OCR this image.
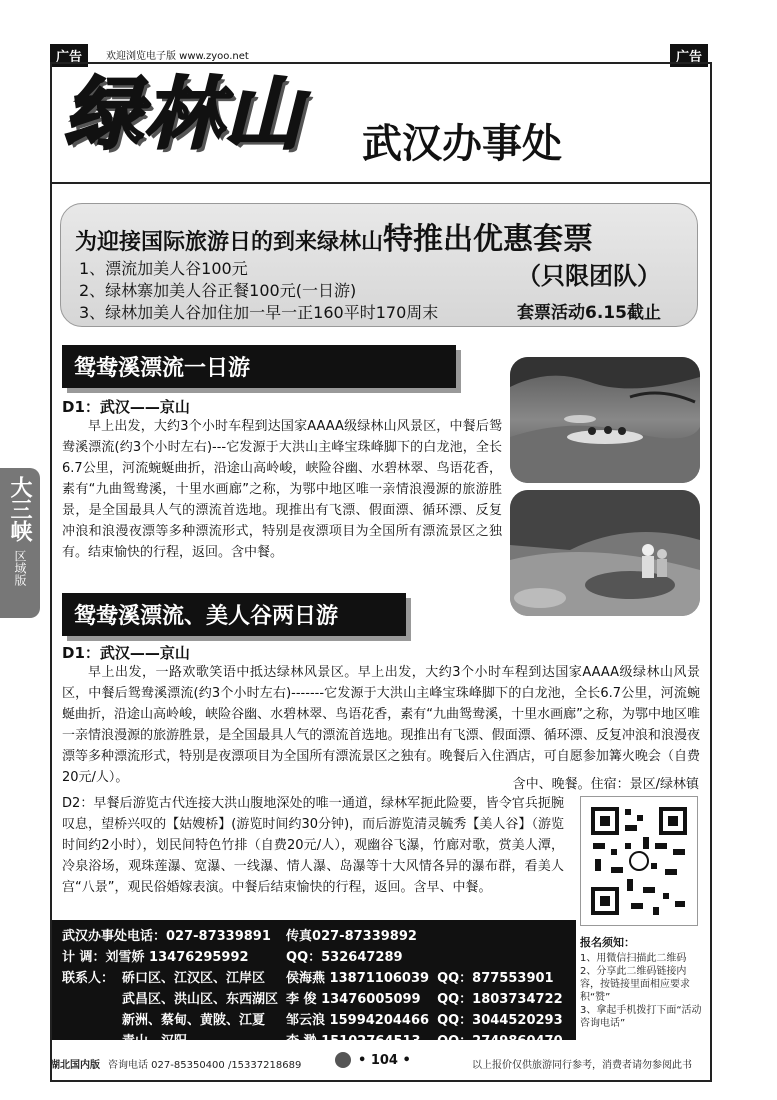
广告	欢迎浏览电子版 www.zyoo.net	广告
绿林山 武汉办事处
为迎接国际旅游日的到来绿林山特推出优惠套票
1、漂流加美人谷100元
2、绿林寨加美人谷正餐100元(一日游)
3、绿林加美人谷加住加一早一正160平时170周末
（只限团队）
套票活动6.15截止
大三峡 区域版
鸳鸯溪漂流一日游
D1：武汉——京山
早上出发，大约3个小时车程到达国家AAAA级绿林山风景区，中餐后鸳鸯溪漂流(约3个小时左右)---它发源于大洪山主峰宝珠峰脚下的白龙池，全长6.7公里，河流蜿蜒曲折，沿途山高岭峻，峡险谷幽、水碧林翠、鸟语花香，素有“九曲鸳鸯溪，十里水画廊”之称，为鄂中地区唯一亲情浪漫源的旅游胜景，是全国最具人气的漂流首选地。现推出有飞漂、假面漂、循环漂、反复冲浪和浪漫夜漂等多种漂流形式，特别是夜漂项目为全国所有漂流景区之独有。结束愉快的行程，返回。含中餐。
鸳鸯溪漂流、美人谷两日游
D1：武汉——京山
早上出发，一路欢歌笑语中抵达绿林风景区。早上出发，大约3个小时车程到达国家AAAA级绿林山风景区，中餐后鸳鸯溪漂流(约3个小时左右)-------它发源于大洪山主峰宝珠峰脚下的白龙池，全长6.7公里，河流蜿蜒曲折，沿途山高岭峻，峡险谷幽、水碧林翠、鸟语花香，素有“九曲鸳鸯溪，十里水画廊”之称，为鄂中地区唯一亲情浪漫源的旅游胜景，是全国最具人气的漂流首选地。现推出有飞漂、假面漂、循环漂、反复冲浪和浪漫夜漂等多种漂流形式，特别是夜漂项目为全国所有漂流景区之独有。晚餐后入住酒店，可自愿参加篝火晚会（自费20元/人）。	含中、晚餐。住宿：景区/绿林镇
D2：早餐后游览古代连接大洪山腹地深处的唯一通道，绿林军扼此险要，皆令官兵扼腕叹息，望桥兴叹的【姑嫂桥】(游览时间约30分钟)，而后游览清灵毓秀【美人谷】（游览时间约2小时），划民间特色竹排（自费20元/人），观幽谷飞瀑，竹廊对歌，赏美人潭，冷泉浴场，观珠莲瀑、宽瀑、一线瀑、情人瀑、岛瀑等十大风情各异的瀑布群，看美人宫“八景”，观民俗婚嫁表演。中餐后结束愉快的行程，返回。含早、中餐。
武汉办事处电话：027-87339891		传真027-87339892	
计 调：刘雪娇 13476295992		QQ：532647289	
联系人：	硚口区、江汉区、江岸区	侯海燕 13871106039	QQ：877553901
	武昌区、洪山区、东西湖区	李 俊 13476005099	QQ：1803734722
	新洲、蔡甸、黄陂、江夏	邹云浪 15994204466	QQ：3044520293
	青山、汉阳	李 渺 15102764513	QQ：2749860470
报名须知：
1、用微信扫描此二维码
2、分享此二维码链接内容，按链接里面相应要求积“赞”
3、拿起手机拨打下面“活动咨询电话”
湖北国内版 咨询电话 027-85350400 /15337218689	• 104 •	以上报价仅供旅游同行参考，消费者请勿参阅此书
